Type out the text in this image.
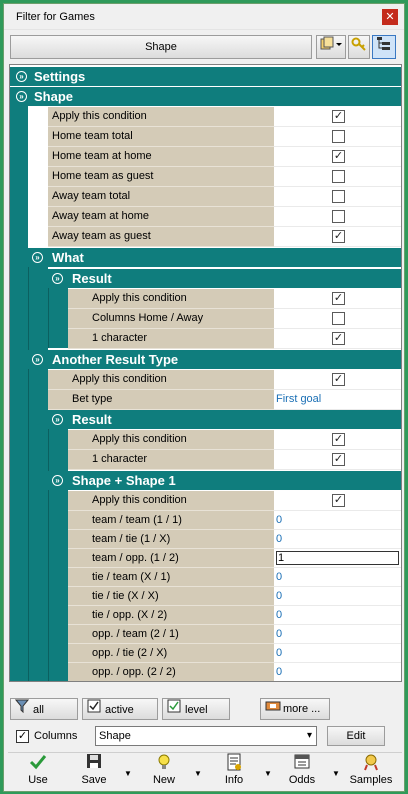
Filter for Games	✕
Shape
» Settings
» Shape
Apply this condition	✓
Home team total
Home team at home	✓
Home team as guest
Away team total
Away team at home
Away team as guest	✓
» What
» Result
Apply this condition	✓
Columns Home / Away
1 character	✓
» Another Result Type
Apply this condition	✓
Bet type	First goal
» Result
Apply this condition	✓
1 character	✓
» Shape + Shape 1
Apply this condition	✓
team / team (1 / 1)	0
team / tie (1 / X)	0
team / opp. (1 / 2)	1
tie / team (X / 1)	0
tie / tie (X / X)	0
tie / opp. (X / 2)	0
opp. / team (2 / 1)	0
opp. / tie (2 / X)	0
opp. / opp. (2 / 2)	0
all	active	level	more ...
✓ Columns	Shape	▾	Edit
Use	Save
▼
New
▼
Info
▼
Odds
▼
Samples
